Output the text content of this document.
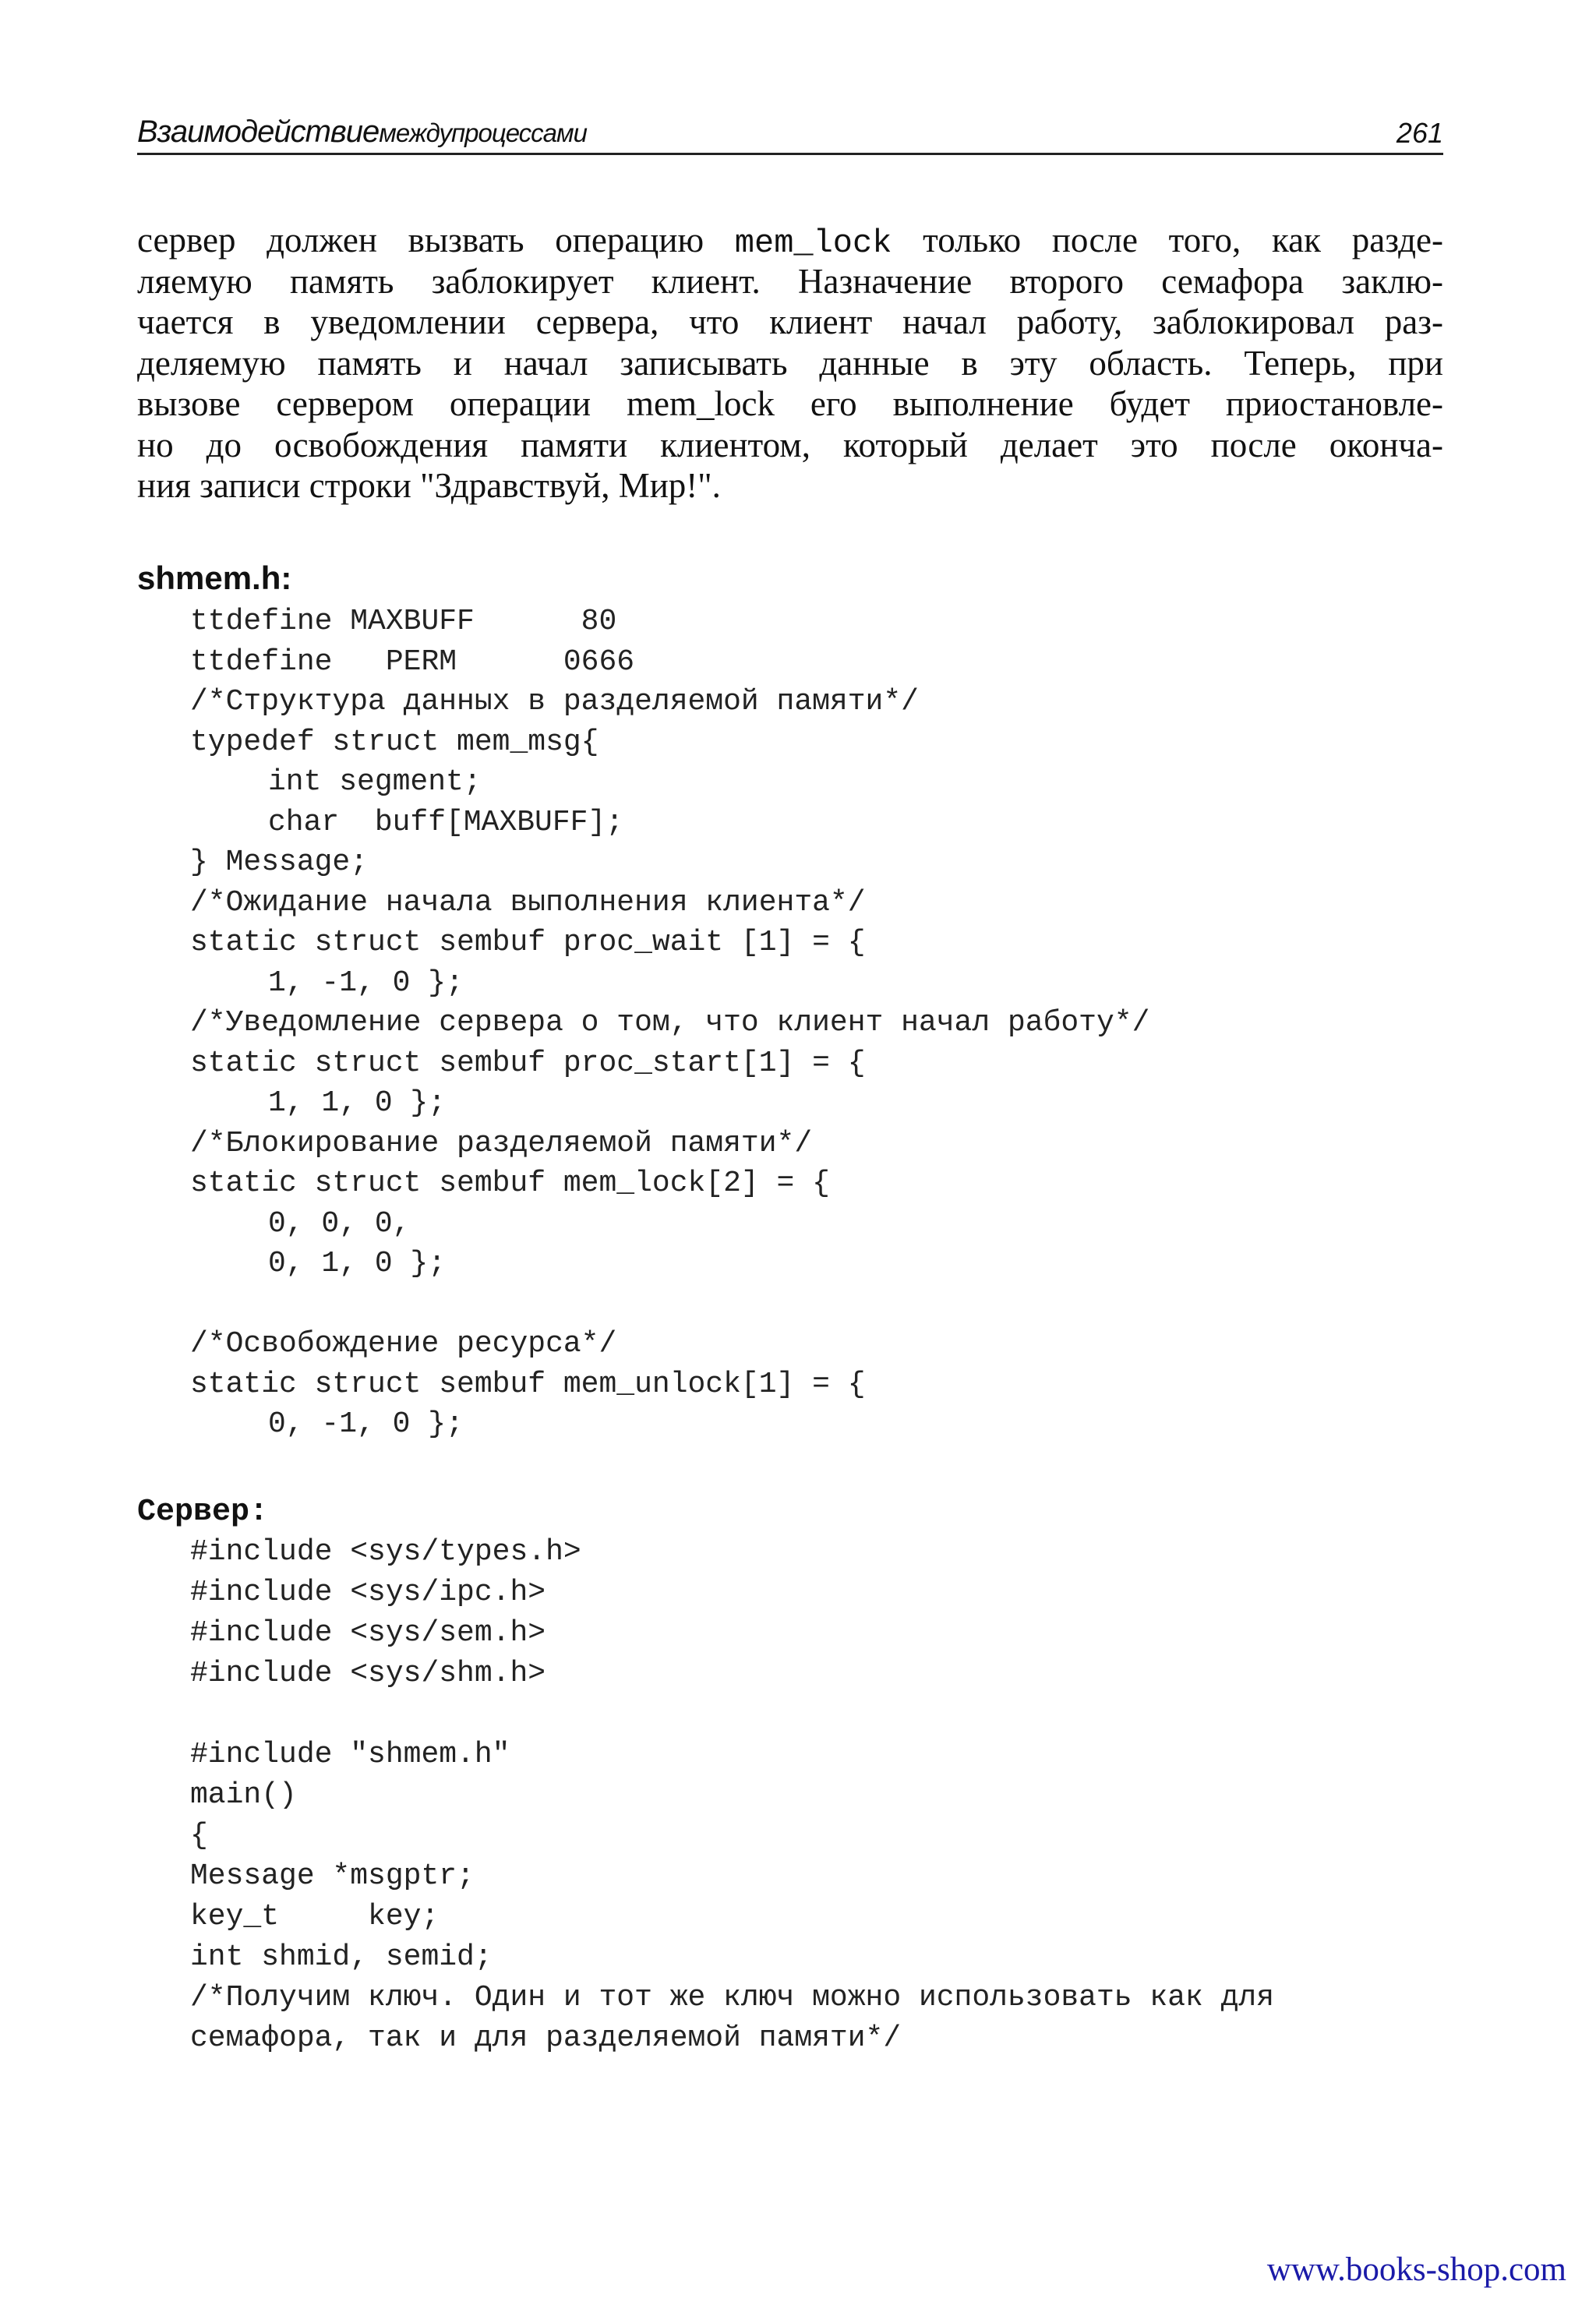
Взаимодействиемеждупроцессами	261
сервер должен вызвать операцию mem_lock только после того, как разде-
ляемую память заблокирует клиент. Назначение второго семафора заклю-
чается в уведомлении сервера, что клиент начал работу, заблокировал раз-
деляемую память и начал записывать данные в эту область. Теперь, при
вызове сервером операции mem_lock его выполнение будет приостановле-
но до освобождения памяти клиентом, который делает это после оконча-
ния записи строки "Здравствуй, Мир!".
shmem.h:
ttdefine MAXBUFF      80
ttdefine   PERM      0666
/*Структура данных в разделяемой памяти*/
typedef struct mem_msg{
int segment;
char  buff[MAXBUFF];
} Message;
/*Ожидание начала выполнения клиента*/
static struct sembuf proc_wait [1] = {
1, -1, 0 };
/*Уведомление сервера о том, что клиент начал работу*/
static struct sembuf proc_start[1] = {
1, 1, 0 };
/*Блокирование разделяемой памяти*/
static struct sembuf mem_lock[2] = {
0, 0, 0,
0, 1, 0 };
/*Освобождение ресурса*/
static struct sembuf mem_unlock[1] = {
0, -1, 0 };
Сервер:
#include <sys/types.h>
#include <sys/ipc.h>
#include <sys/sem.h>
#include <sys/shm.h>
#include "shmem.h"
main()
{
Message *msgptr;
key_t     key;
int shmid, semid;
/*Получим ключ. Один и тот же ключ можно использовать как для
семафора, так и для разделяемой памяти*/
www.books-shop.com
